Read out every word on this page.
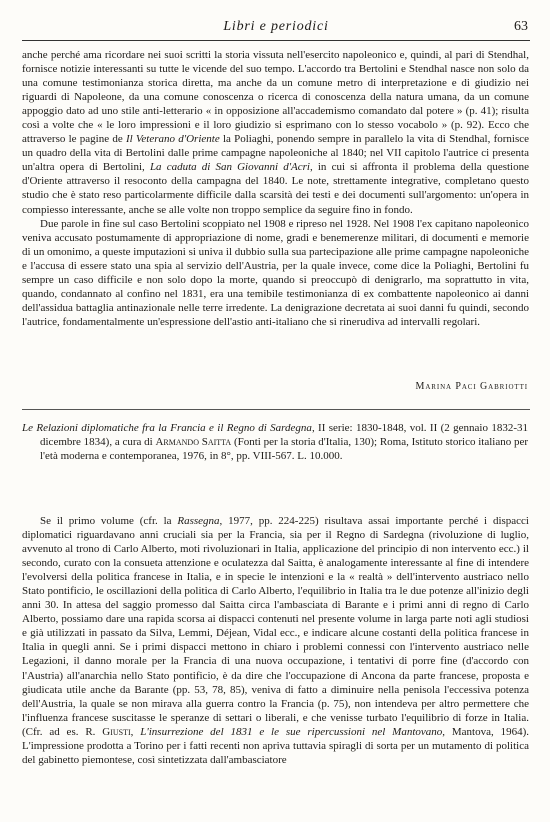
Libri e periodici	63

anche perché ama ricordare nei suoi scritti la storia vissuta nell'esercito napoleonico e, quindi, al pari di Stendhal, fornisce notizie interessanti su tutte le vicende del suo tempo. L'accordo tra Bertolini e Stendhal nasce non solo da una comune testimonianza storica diretta, ma anche da un comune metro di interpretazione e di giudizio nei riguardi di Napoleone, da una comune conoscenza o ricerca di conoscenza della natura umana, da un comune appoggio dato ad uno stile anti-letterario « in opposizione all'accademismo comandato dal potere » (p. 41); risulta così a volte che « le loro impressioni e il loro giudizio si esprimano con lo stesso vocabolo » (p. 92). Ecco che attraverso le pagine de Il Veterano d'Oriente la Poliaghi, ponendo sempre in parallelo la vita di Stendhal, fornisce un quadro della vita di Bertolini dalle prime campagne napoleoniche al 1840; nel VII capitolo l'autrice ci presenta un'altra opera di Bertolini, La caduta di San Giovanni d'Acri, in cui si affronta il problema della questione d'Oriente attraverso il resoconto della campagna del 1840. Le note, strettamente integrative, completano questo studio che è stato reso particolarmente difficile dalla scarsità dei testi e dei documenti sull'argomento: un'opera in compiesso interessante, anche se alle volte non troppo semplice da seguire fino in fondo.

Due parole in fine sul caso Bertolini scoppiato nel 1908 e ripreso nel 1928. Nel 1908 l'ex capitano napoleonico veniva accusato postumamente di appropriazione di nome, gradi e benemerenze militari, di documenti e memorie di un omonimo, a queste imputazioni si univa il dubbio sulla sua partecipazione alle prime campagne napoleoniche e l'accusa di essere stato una spia al servizio dell'Austria, per la quale invece, come dice la Poliaghi, Bertolini fu sempre un caso difficile e non solo dopo la morte, quando si preoccupò di denigrarlo, ma soprattutto in vita, quando, condannato al confino nel 1831, era una temibile testimonianza di ex combattente napoleonico ai danni dell'assidua battaglia antinazionale nelle terre irredente. La denigrazione decretata ai suoi danni fu quindi, secondo l'autrice, fondamentalmente un'espressione dell'astio anti-italiano che si rinerudiva ad intervalli regolari.

Marina Paci Gabriotti

Le Relazioni diplomatiche fra la Francia e il Regno di Sardegna, II serie: 1830-1848, vol. II (2 gennaio 1832-31 dicembre 1834), a cura di Armando Saitta (Fonti per la storia d'Italia, 130); Roma, Istituto storico italiano per l'età moderna e contemporanea, 1976, in 8°, pp. VIII-567. L. 10.000.

Se il primo volume (cfr. la Rassegna, 1977, pp. 224-225) risultava assai importante perché i dispacci diplomatici riguardavano anni cruciali sia per la Francia, sia per il Regno di Sardegna (rivoluzione di luglio, avvenuto al trono di Carlo Alberto, moti rivoluzionari in Italia, applicazione del principio di non intervento ecc.) il secondo, curato con la consueta attenzione e oculatezza dal Saitta, è analogamente interessante al fine di intendere l'evolversi della politica francese in Italia, e in specie le intenzioni e la « realtà » dell'intervento austriaco nello Stato pontificio, le oscillazioni della politica di Carlo Alberto, l'equilibrio in Italia tra le due potenze all'inizio degli anni 30. In attesa del saggio promesso dal Saitta circa l'ambasciata di Barante e i primi anni di regno di Carlo Alberto, possiamo dare una rapida scorsa ai dispacci contenuti nel presente volume in larga parte noti agli studiosi e già utilizzati in passato da Silva, Lemmi, Déjean, Vidal ecc., e indicare alcune costanti della politica francese in Italia in quegli anni. Se i primi dispacci mettono in chiaro i problemi connessi con l'intervento austriaco nelle Legazioni, il danno morale per la Francia di una nuova occupazione, i tentativi di porre fine (d'accordo con l'Austria) all'anarchia nello Stato pontificio, è da dire che l'occupazione di Ancona da parte francese, proposta e giudicata utile anche da Barante (pp. 53, 78, 85), veniva di fatto a diminuire nella penisola l'eccessiva potenza dell'Austria, la quale se non mirava alla guerra contro la Francia (p. 75), non intendeva per altro permettere che l'influenza francese suscitasse le speranze di settari o liberali, e che venisse turbato l'equilibrio di forze in Italia. (Cfr. ad es. R. Giusti, L'insurrezione del 1831 e le sue ripercussioni nel Mantovano, Mantova, 1964). L'impressione prodotta a Torino per i fatti recenti non apriva tuttavia spiragli di sorta per un mutamento di politica del gabinetto piemontese, così sintetizzata dall'ambasciatore
